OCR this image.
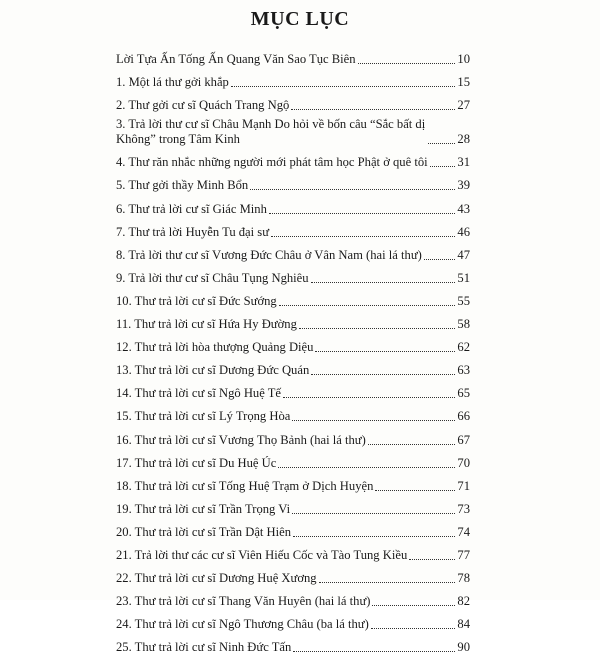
MỤC LỤC
Lời Tựa Ấn Tống Ấn Quang Văn Sao Tục Biên	10
1. Một lá thư gởi khắp	15
2. Thư gởi cư sĩ Quách Trang Ngộ	27
3. Trả lời thư cư sĩ Châu Mạnh Do hỏi về bốn câu “Sắc bất dị Không” trong Tâm Kinh	28
4. Thư răn nhắc những người mới phát tâm học Phật ở quê tôi 31
5. Thư gởi thầy Minh Bổn	39
6. Thư trả lời cư sĩ Giác Minh	43
7. Thư trả lời Huyễn Tu đại sư	46
8. Trả lời thư cư sĩ Vương Đức Châu ở Vân Nam (hai lá thư)	47
9. Trả lời thư cư sĩ Châu Tụng Nghiêu	51
10. Thư trả lời cư sĩ Đức Sướng	55
11. Thư trả lời cư sĩ Hứa Hy Đường	58
12. Thư trả lời hòa thượng Quảng Diệu	62
13. Thư trả lời cư sĩ Dương Đức Quán	63
14. Thư trả lời cư sĩ Ngô Huệ Tế	65
15. Thư trả lời cư sĩ Lý Trọng Hòa	66
16. Thư trả lời cư sĩ Vương Thọ Bảnh (hai lá thư)	67
17. Thư trả lời cư sĩ Du Huệ Úc	70
18. Thư trả lời cư sĩ Tống Huệ Trạm ở Dịch Huyện	71
19. Thư trả lời cư sĩ Trần Trọng Vi	73
20. Thư trả lời cư sĩ Trần Dật Hiên	74
21. Trả lời thư các cư sĩ Viên Hiếu Cốc và Tào Tung Kiều	77
22. Thư trả lời cư sĩ Dương Huệ Xương	78
23. Thư trả lời cư sĩ Thang Văn Huyên (hai lá thư)	82
24. Thư trả lời cư sĩ Ngô Thương Châu (ba lá thư)	84
25. Thư trả lời cư sĩ Ninh Đức Tấn	90
